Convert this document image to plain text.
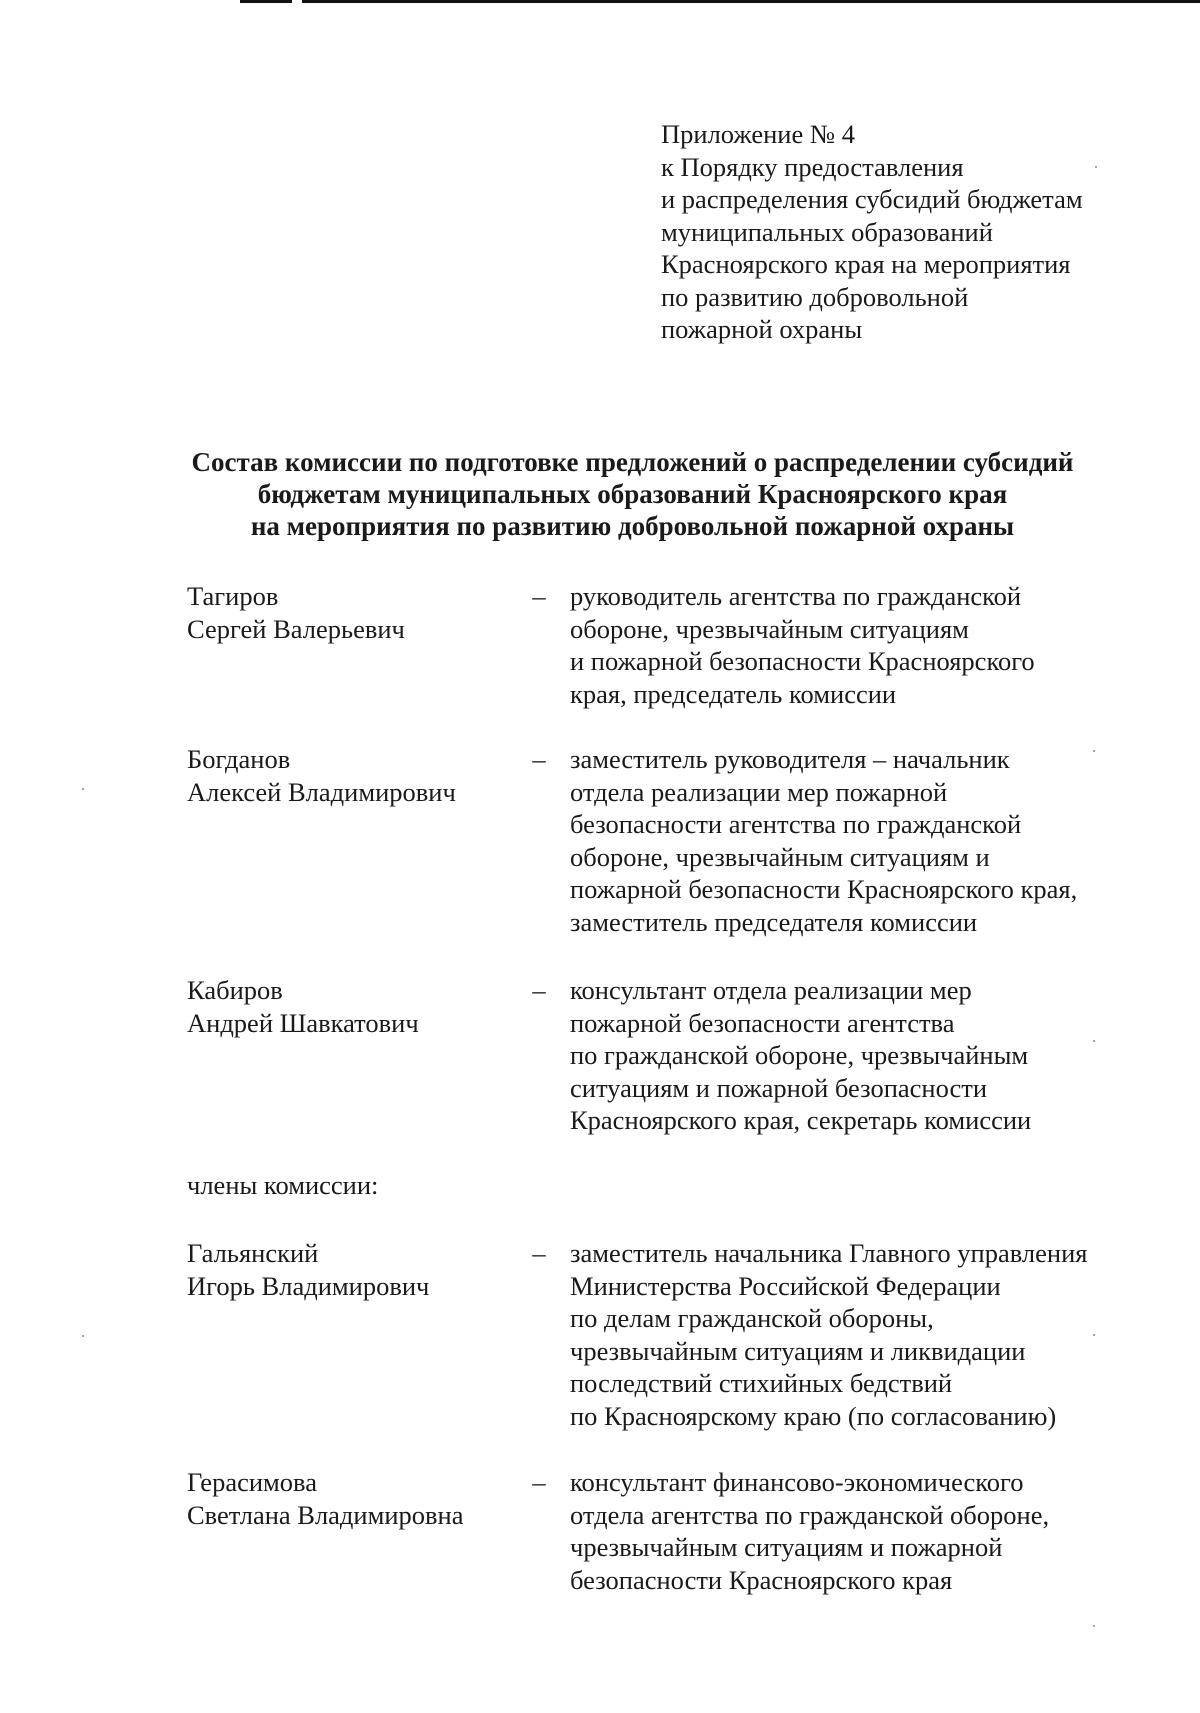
Приложение № 4
к Порядку предоставления
и распределения субсидий бюджетам
муниципальных образований
Красноярского края на мероприятия
по развитию добровольной
пожарной охраны
Состав комиссии по подготовке предложений о распределении субсидий
бюджетам муниципальных образований Красноярского края
на мероприятия по развитию добровольной пожарной охраны
Тагиров
Сергей Валерьевич
– руководитель агентства по гражданской
обороне, чрезвычайным ситуациям
и пожарной безопасности Красноярского
края, председатель комиссии
Богданов
Алексей Владимирович
– заместитель руководителя – начальник
отдела реализации мер пожарной
безопасности агентства по гражданской
обороне, чрезвычайным ситуациям и
пожарной безопасности Красноярского края,
заместитель председателя комиссии
Кабиров
Андрей Шавкатович
– консультант отдела реализации мер
пожарной безопасности агентства
по гражданской обороне, чрезвычайным
ситуациям и пожарной безопасности
Красноярского края, секретарь комиссии
члены комиссии:
Гальянский
Игорь Владимирович
– заместитель начальника Главного управления
Министерства Российской Федерации
по делам гражданской обороны,
чрезвычайным ситуациям и ликвидации
последствий стихийных бедствий
по Красноярскому краю (по согласованию)
Герасимова
Светлана Владимировна
– консультант финансово-экономического
отдела агентства по гражданской обороне,
чрезвычайным ситуациям и пожарной
безопасности Красноярского края
